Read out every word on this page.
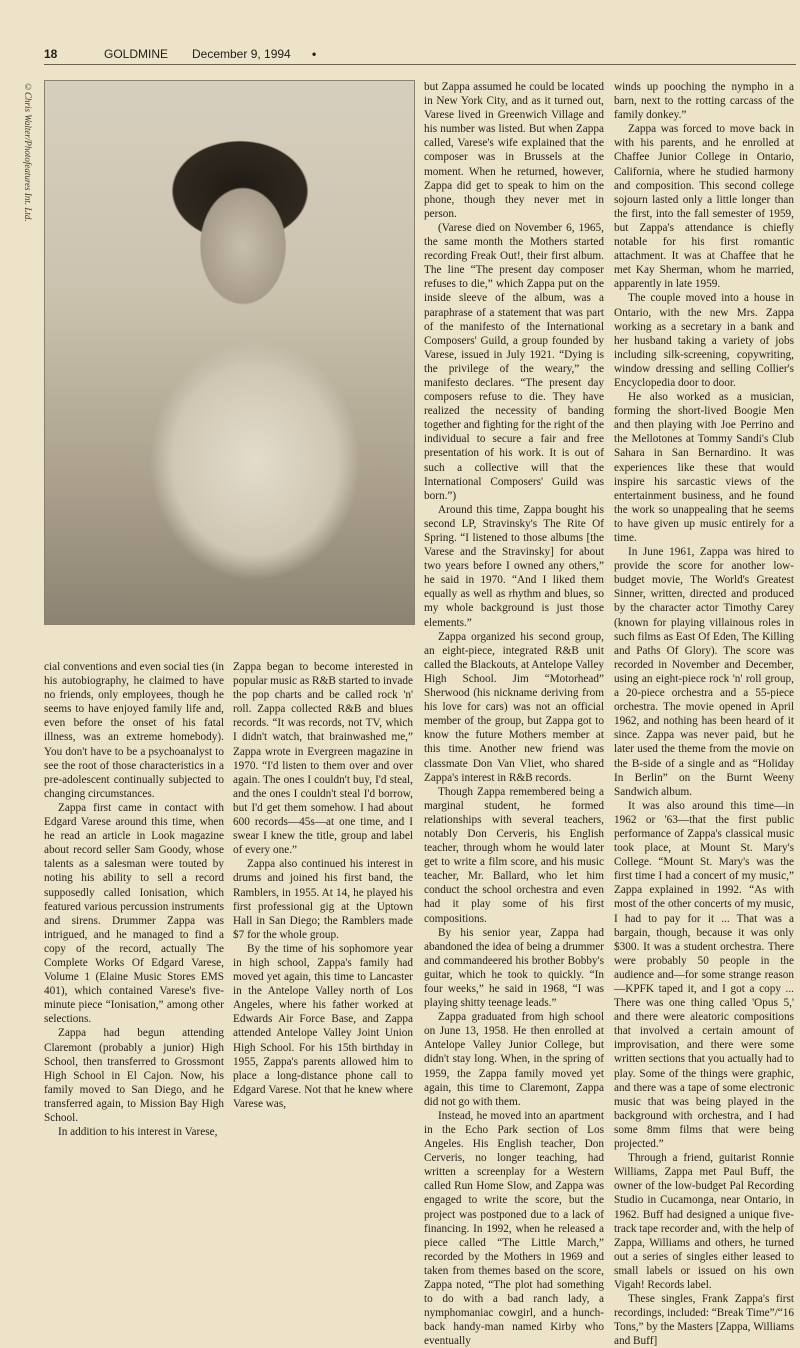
18	GOLDMINE December 9, 1994 •
©Chris Walter/Photofeatures Int. Ltd.

cial conventions and even social ties (in his autobiography, he claimed to have no friends, only employees, though he seems to have enjoyed family life and, even before the onset of his fatal illness, was an extreme homebody). You don't have to be a psychoanalyst to see the root of those characteristics in a pre-adolescent continually subjected to changing circumstances.

Zappa first came in contact with Edgard Varese around this time, when he read an article in Look magazine about record seller Sam Goody, whose talents as a salesman were touted by noting his ability to sell a record supposedly called Ionisation, which featured various percussion instruments and sirens. Drummer Zappa was intrigued, and he managed to find a copy of the record, actually The Complete Works Of Edgard Varese, Volume 1 (Elaine Music Stores EMS 401), which contained Varese's five-minute piece “Ionisation,” among other selections.

Zappa had begun attending Claremont (probably a junior) High School, then transferred to Grossmont High School in El Cajon. Now, his family moved to San Diego, and he transferred again, to Mission Bay High School.

In addition to his interest in Varese,

Zappa began to become interested in popular music as R&B started to invade the pop charts and be called rock 'n' roll. Zappa collected R&B and blues records. “It was records, not TV, which I didn't watch, that brainwashed me,” Zappa wrote in Evergreen magazine in 1970. “I'd listen to them over and over again. The ones I couldn't buy, I'd steal, and the ones I couldn't steal I'd borrow, but I'd get them somehow. I had about 600 records—45s—at one time, and I swear I knew the title, group and label of every one.”

Zappa also continued his interest in drums and joined his first band, the Ramblers, in 1955. At 14, he played his first professional gig at the Uptown Hall in San Diego; the Ramblers made $7 for the whole group.

By the time of his sophomore year in high school, Zappa's family had moved yet again, this time to Lancaster in the Antelope Valley north of Los Angeles, where his father worked at Edwards Air Force Base, and Zappa attended Antelope Valley Joint Union High School. For his 15th birthday in 1955, Zappa's parents allowed him to place a long-distance phone call to Edgard Varese. Not that he knew where Varese was,

but Zappa assumed he could be located in New York City, and as it turned out, Varese lived in Greenwich Village and his number was listed. But when Zappa called, Varese's wife explained that the composer was in Brussels at the moment. When he returned, however, Zappa did get to speak to him on the phone, though they never met in person.

(Varese died on November 6, 1965, the same month the Mothers started recording Freak Out!, their first album. The line “The present day composer refuses to die,” which Zappa put on the inside sleeve of the album, was a paraphrase of a statement that was part of the manifesto of the International Composers' Guild, a group founded by Varese, issued in July 1921. “Dying is the privilege of the weary,” the manifesto declares. “The present day composers refuse to die. They have realized the necessity of banding together and fighting for the right of the individual to secure a fair and free presentation of his work. It is out of such a collective will that the International Composers' Guild was born.”)

Around this time, Zappa bought his second LP, Stravinsky's The Rite Of Spring. “I listened to those albums [the Varese and the Stravinsky] for about two years before I owned any others,” he said in 1970. “And I liked them equally as well as rhythm and blues, so my whole background is just those elements.”

Zappa organized his second group, an eight-piece, integrated R&B unit called the Blackouts, at Antelope Valley High School. Jim “Motorhead” Sherwood (his nickname deriving from his love for cars) was not an official member of the group, but Zappa got to know the future Mothers member at this time. Another new friend was classmate Don Van Vliet, who shared Zappa's interest in R&B records.

Though Zappa remembered being a marginal student, he formed relationships with several teachers, notably Don Cerveris, his English teacher, through whom he would later get to write a film score, and his music teacher, Mr. Ballard, who let him conduct the school orchestra and even had it play some of his first compositions.

By his senior year, Zappa had abandoned the idea of being a drummer and commandeered his brother Bobby's guitar, which he took to quickly. “In four weeks,” he said in 1968, “I was playing shitty teenage leads.”

Zappa graduated from high school on June 13, 1958. He then enrolled at Antelope Valley Junior College, but didn't stay long. When, in the spring of 1959, the Zappa family moved yet again, this time to Claremont, Zappa did not go with them.

Instead, he moved into an apartment in the Echo Park section of Los Angeles. His English teacher, Don Cerveris, no longer teaching, had written a screenplay for a Western called Run Home Slow, and Zappa was engaged to write the score, but the project was postponed due to a lack of financing. In 1992, when he released a piece called “The Little March,” recorded by the Mothers in 1969 and taken from themes based on the score, Zappa noted, “The plot had something to do with a bad ranch lady, a nymphomaniac cowgirl, and a hunch-back handy-man named Kirby who eventually

winds up pooching the nympho in a barn, next to the rotting carcass of the family donkey.”

Zappa was forced to move back in with his parents, and he enrolled at Chaffee Junior College in Ontario, California, where he studied harmony and composition. This second college sojourn lasted only a little longer than the first, into the fall semester of 1959, but Zappa's attendance is chiefly notable for his first romantic attachment. It was at Chaffee that he met Kay Sherman, whom he married, apparently in late 1959.

The couple moved into a house in Ontario, with the new Mrs. Zappa working as a secretary in a bank and her husband taking a variety of jobs including silk-screening, copywriting, window dressing and selling Collier's Encyclopedia door to door.

He also worked as a musician, forming the short-lived Boogie Men and then playing with Joe Perrino and the Mellotones at Tommy Sandi's Club Sahara in San Bernardino. It was experiences like these that would inspire his sarcastic views of the entertainment business, and he found the work so unappealing that he seems to have given up music entirely for a time.

In June 1961, Zappa was hired to provide the score for another low-budget movie, The World's Greatest Sinner, written, directed and produced by the character actor Timothy Carey (known for playing villainous roles in such films as East Of Eden, The Killing and Paths Of Glory). The score was recorded in November and December, using an eight-piece rock 'n' roll group, a 20-piece orchestra and a 55-piece orchestra. The movie opened in April 1962, and nothing has been heard of it since. Zappa was never paid, but he later used the theme from the movie on the B-side of a single and as “Holiday In Berlin” on the Burnt Weeny Sandwich album.

It was also around this time—in 1962 or '63—that the first public performance of Zappa's classical music took place, at Mount St. Mary's College. “Mount St. Mary's was the first time I had a concert of my music,” Zappa explained in 1992. “As with most of the other concerts of my music, I had to pay for it ... That was a bargain, though, because it was only $300. It was a student orchestra. There were probably 50 people in the audience and—for some strange reason—KPFK taped it, and I got a copy ... There was one thing called 'Opus 5,' and there were aleatoric compositions that involved a certain amount of improvisation, and there were some written sections that you actually had to play. Some of the things were graphic, and there was a tape of some electronic music that was being played in the background with orchestra, and I had some 8mm films that were being projected.”

Through a friend, guitarist Ronnie Williams, Zappa met Paul Buff, the owner of the low-budget Pal Recording Studio in Cucamonga, near Ontario, in 1962. Buff had designed a unique five-track tape recorder and, with the help of Zappa, Williams and others, he turned out a series of singles either leased to small labels or issued on his own Vigah! Records label.

These singles, Frank Zappa's first recordings, included: “Break Time”/“16 Tons,” by the Masters [Zappa, Williams and Buff]
